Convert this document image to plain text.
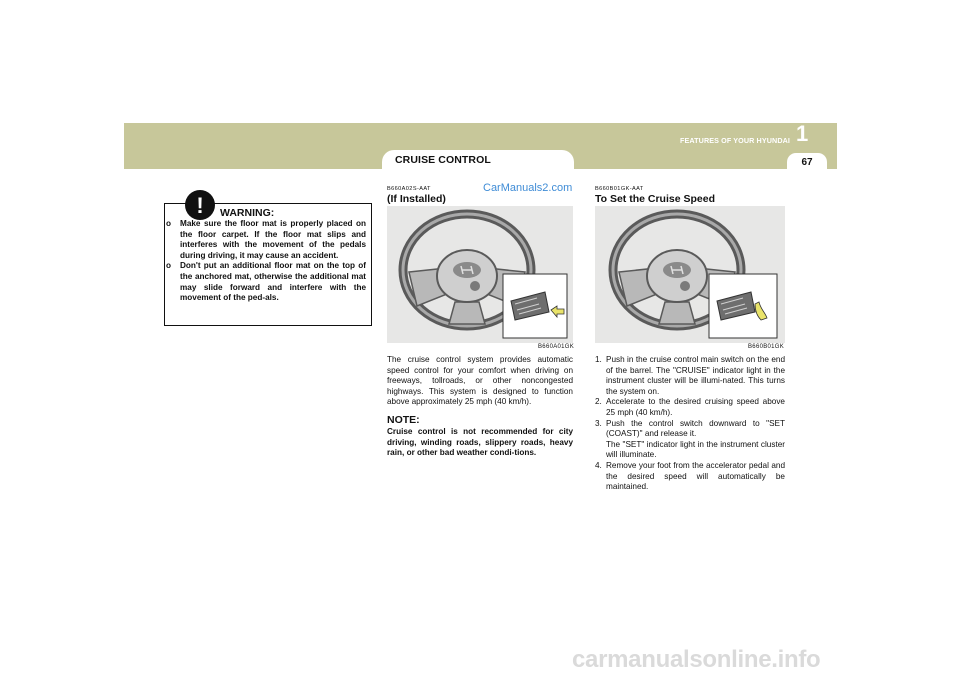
CRUISE CONTROL
FEATURES OF YOUR HYUNDAI 1
67
! WARNING:
o Make sure the floor mat is properly placed on the floor carpet. If the floor mat slips and interferes with the movement of the pedals during driving, it may cause an accident.
o Don't put an additional floor mat on the top of the anchored mat, otherwise the additional mat may slide forward and interfere with the movement of the ped-als.
B660A02S-AAT
(If Installed)
CarManuals2.com
B660A01GK

The cruise control system provides automatic speed control for your comfort when driving on freeways, tollroads, or other noncongested highways. This system is designed to function above approximately 25 mph (40 km/h).

NOTE:

Cruise control is not recommended for city driving, winding roads, slippery roads, heavy rain, or other bad weather condi-tions.

B660B01GK-AAT
To Set the Cruise Speed
B660B01GK
1. Push in the cruise control main switch on the end of the barrel. The "CRUISE" indicator light in the instrument cluster will be illumi-nated. This turns the system on.
2. Accelerate to the desired cruising speed above 25 mph (40 km/h).
3. Push the control switch downward to "SET (COAST)" and release it.
The "SET" indicator light in the instrument cluster will illuminate.
4. Remove your foot from the accelerator pedal and the desired speed will automatically be maintained.
carmanualsonline.info
